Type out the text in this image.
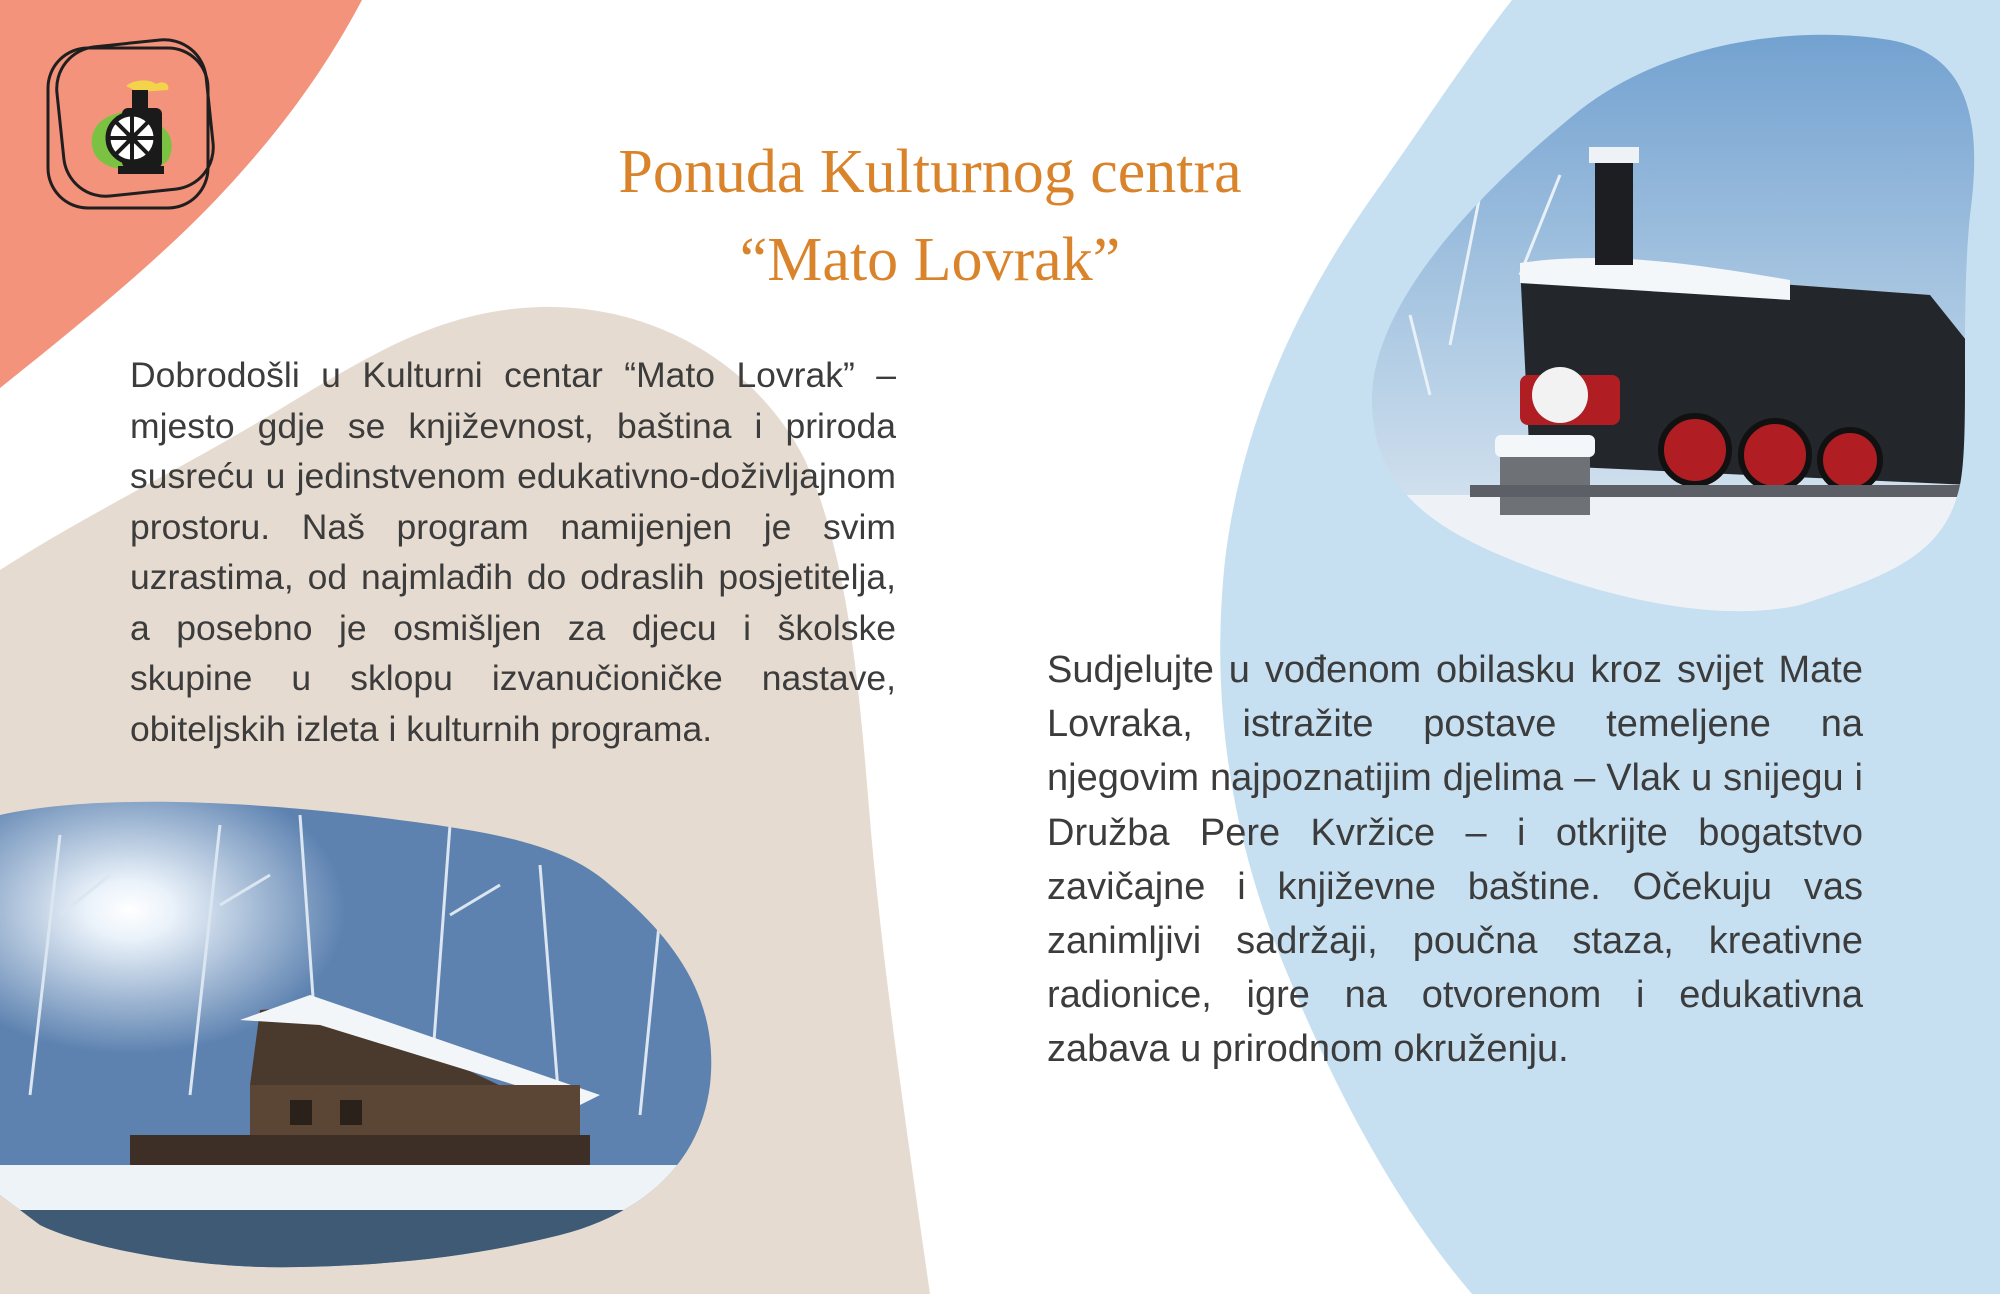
Ponuda Kulturnog centra
“Mato Lovrak”
Dobrodošli u Kulturni centar “Mato Lovrak” – mjesto gdje se književnost, baština i priroda susreću u jedinstvenom edukativno-doživljajnom prostoru. Naš program namijenjen je svim uzrastima, od najmlađih do odraslih posjetitelja, a posebno je osmišljen za djecu i školske skupine u sklopu izvanučioničke nastave, obiteljskih izleta i kulturnih programa.
Sudjelujte u vođenom obilasku kroz svijet Mate Lovraka, istražite postave temeljene na njegovim najpoznatijim djelima – Vlak u snijegu i Družba Pere Kvržice – i otkrijte bogatstvo zavičajne i književne baštine. Očekuju vas zanimljivi sadržaji, poučna staza, kreativne radionice, igre na otvorenom i edukativna zabava u prirodnom okruženju.
